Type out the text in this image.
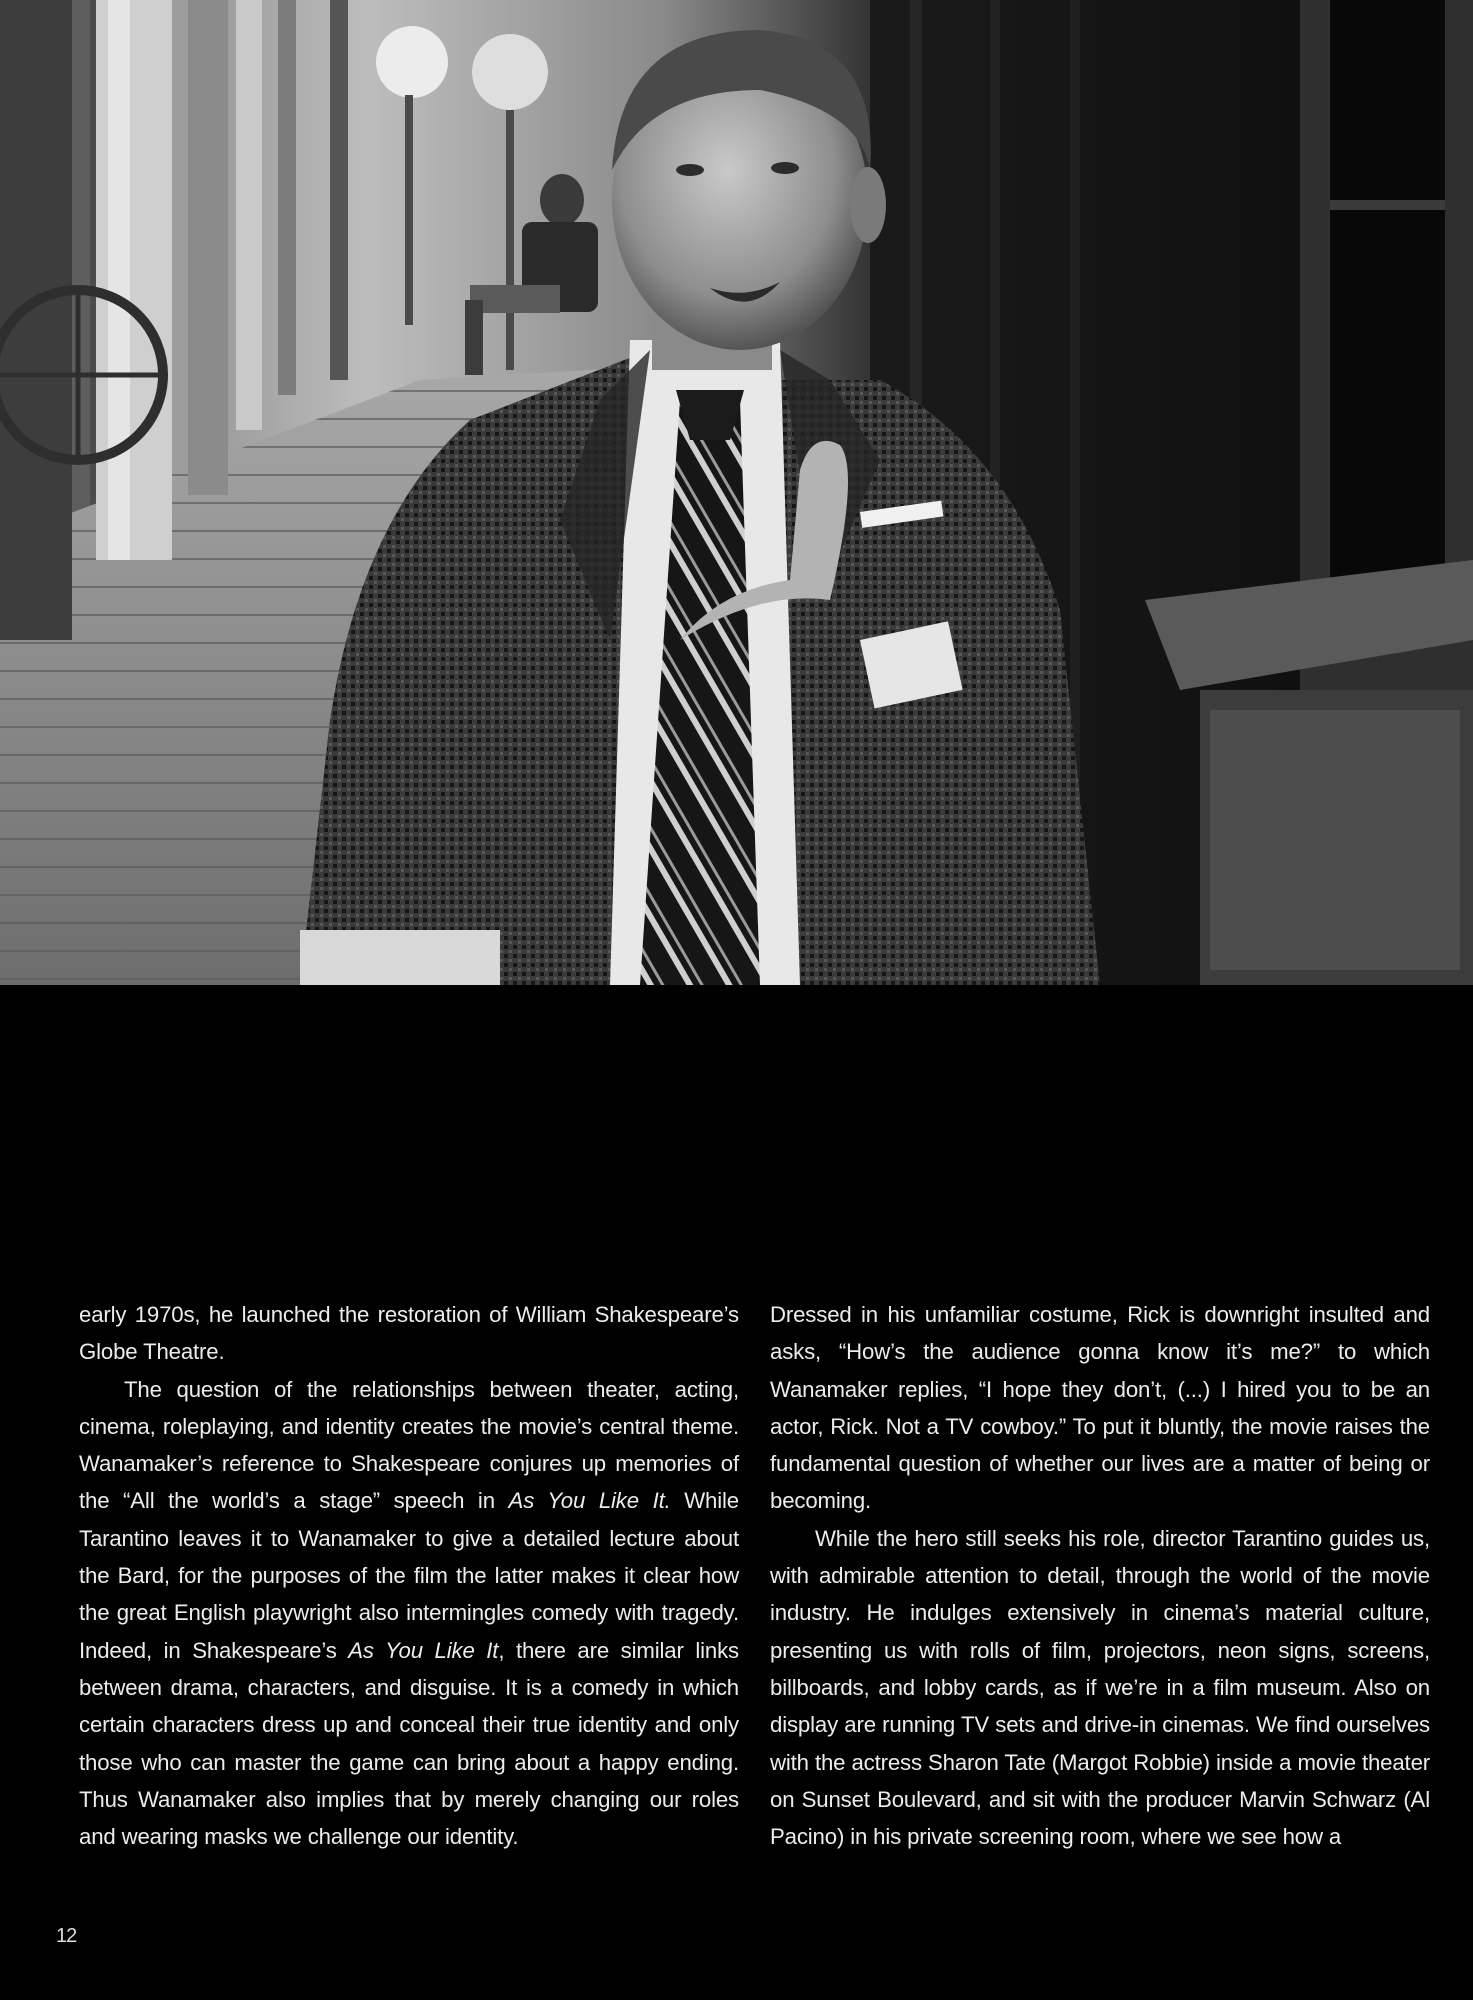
early 1970s, he launched the restoration of William Shakespeare’s Globe Theatre.

The question of the relationships between theater, acting, cinema, roleplaying, and identity creates the movie’s central theme. Wanamaker’s reference to Shakespeare conjures up memories of the “All the world’s a stage” speech in As You Like It. While Tarantino leaves it to Wanamaker to give a detailed lecture about the Bard, for the purposes of the film the latter makes it clear how the great English playwright also intermingles comedy with tragedy. Indeed, in Shakespeare’s As You Like It, there are similar links between drama, characters, and disguise. It is a comedy in which certain characters dress up and conceal their true identity and only those who can master the game can bring about a happy ending. Thus Wanamaker also implies that by merely changing our roles and wearing masks we challenge our identity.

Dressed in his unfamiliar costume, Rick is downright insulted and asks, “How’s the audience gonna know it’s me?” to which Wanamaker replies, “I hope they don’t, (...) I hired you to be an actor, Rick. Not a TV cowboy.” To put it bluntly, the movie raises the fundamental question of whether our lives are a matter of being or becoming.

While the hero still seeks his role, director Tarantino guides us, with admirable attention to detail, through the world of the movie industry. He indulges extensively in cinema’s material culture, presenting us with rolls of film, projectors, neon signs, screens, billboards, and lobby cards, as if we’re in a film museum. Also on display are running TV sets and drive-in cinemas. We find ourselves with the actress Sharon Tate (Margot Robbie) inside a movie theater on Sunset Boulevard, and sit with the producer Marvin Schwarz (Al Pacino) in his private screening room, where we see how a

12
